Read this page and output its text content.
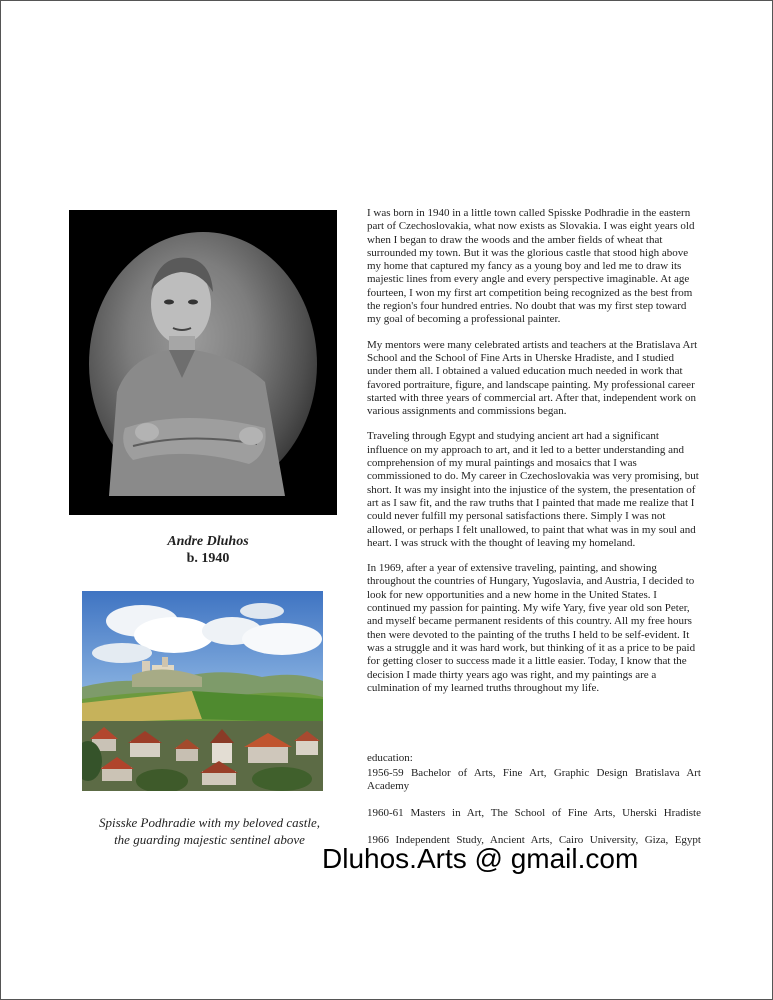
Andre Dluhos
b. 1940
Spisske Podhradie with my beloved castle, the guarding majestic sentinel above

I was born in 1940 in a little town called Spisske Podhradie in the eastern part of Czechoslovakia, what now exists as Slovakia. I was eight years old when I began to draw the woods and the amber fields of wheat that surrounded my town. But it was the glorious castle that stood high above my home that captured my fancy as a young boy and led me to draw its majestic lines from every angle and every perspective imaginable. At age fourteen, I won my first art competition being recognized as the best from the region's four hundred entries. No doubt that was my first step toward my goal of becoming a professional painter.

My mentors were many celebrated artists and teachers at the Bratislava Art School and the School of Fine Arts in Uherske Hradiste, and I studied under them all. I obtained a valued education much needed in work that favored portraiture, figure, and landscape painting. My professional career started with three years of commercial art. After that, independent work on various assignments and commissions began.

Traveling through Egypt and studying ancient art had a significant influence on my approach to art, and it led to a better understanding and comprehension of my mural paintings and mosaics that I was commissioned to do. My career in Czechoslovakia was very promising, but short. It was my insight into the injustice of the system, the presentation of art as I saw fit, and the raw truths that I painted that made me realize that I could never fulfill my personal satisfactions there. Simply I was not allowed, or perhaps I felt unallowed, to paint that what was in my soul and heart. I was struck with the thought of leaving my homeland.

In 1969, after a year of extensive traveling, painting, and showing throughout the countries of Hungary, Yugoslavia, and Austria, I decided to look for new opportunities and a new home in the United States. I continued my passion for painting. My wife Yary, five year old son Peter, and myself became permanent residents of this country. All my free hours then were devoted to the painting of the truths I held to be self-evident. It was a struggle and it was hard work, but thinking of it as a price to be paid for getting closer to success made it a little easier. Today, I know that the decision I made thirty years ago was right, and my paintings are a culmination of my learned truths throughout my life.

education:
1956-59 Bachelor of Arts, Fine Art, Graphic Design Bratislava Art Academy
1960-61 Masters in Art, The School of Fine Arts, Uherski Hradiste
1966 Independent Study, Ancient Arts, Cairo University, Giza, Egypt
Dluhos.Arts @ gmail.com
